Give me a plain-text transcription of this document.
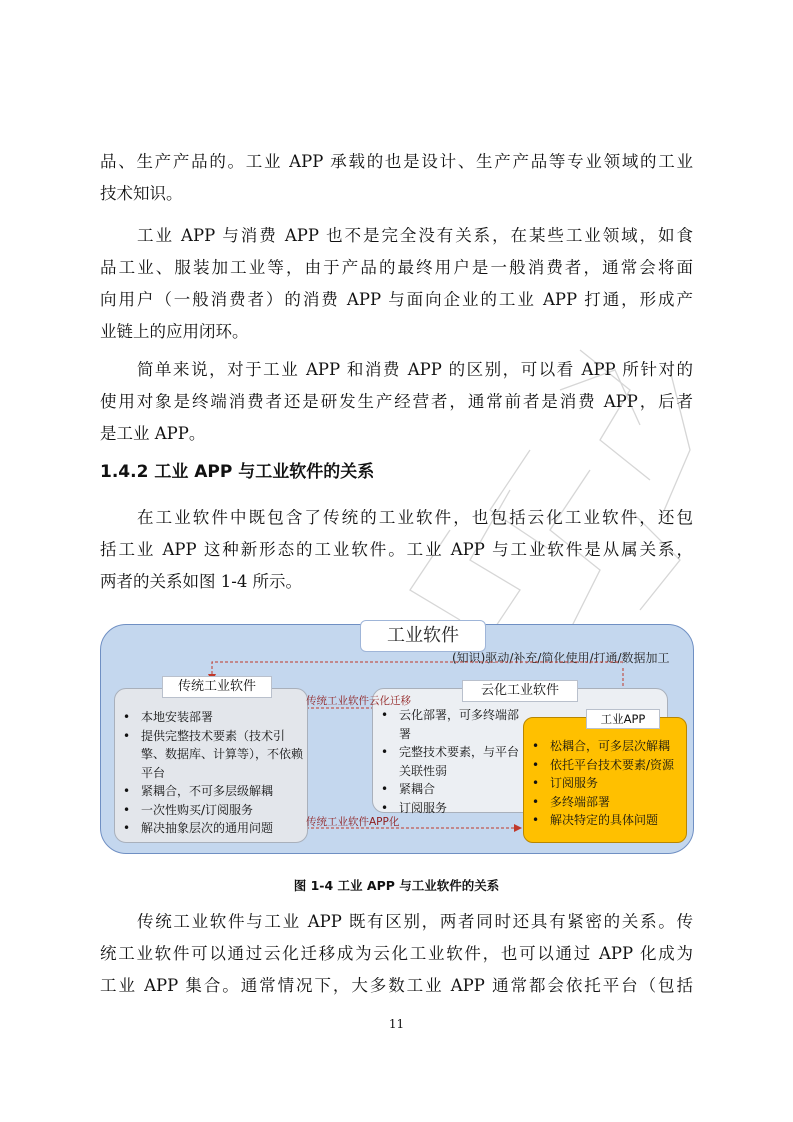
品、生产产品的。工业 APP 承载的也是设计、生产产品等专业领域的工业
技术知识。

工业 APP 与消费 APP 也不是完全没有关系，在某些工业领域，如食
品工业、服装加工业等，由于产品的最终用户是一般消费者，通常会将面
向用户（一般消费者）的消费 APP 与面向企业的工业 APP 打通，形成产
业链上的应用闭环。

简单来说，对于工业 APP 和消费 APP 的区别，可以看 APP 所针对的
使用对象是终端消费者还是研发生产经营者，通常前者是消费 APP，后者
是工业 APP。

1.4.2 工业 APP 与工业软件的关系

在工业软件中既包含了传统的工业软件，也包括云化工业软件，还包
括工业 APP 这种新形态的工业软件。工业 APP 与工业软件是从属关系，
两者的关系如图 1-4 所示。

工业软件
(知识)驱动/补充/简化使用/打通/数据加工
• 本地安装部署
• 提供完整技术要素（技术引擎、数据库、计算等），不依赖平台
• 紧耦合，不可多层级解耦
• 一次性购买/订阅服务
• 解决抽象层次的通用问题
传统工业软件
• 云化部署，可多终端部署
• 完整技术要素，与平台关联性弱
• 紧耦合
• 订阅服务
云化工业软件
• 松耦合，可多层次解耦
• 依托平台技术要素/资源
• 订阅服务
• 多终端部署
• 解决特定的具体问题
工业APP
传统工业软件云化迁移
传统工业软件APP化
图 1-4 工业 APP 与工业软件的关系

传统工业软件与工业 APP 既有区别，两者同时还具有紧密的关系。传
统工业软件可以通过云化迁移成为云化工业软件，也可以通过 APP 化成为
工业 APP 集合。通常情况下，大多数工业 APP 通常都会依托平台（包括

11
